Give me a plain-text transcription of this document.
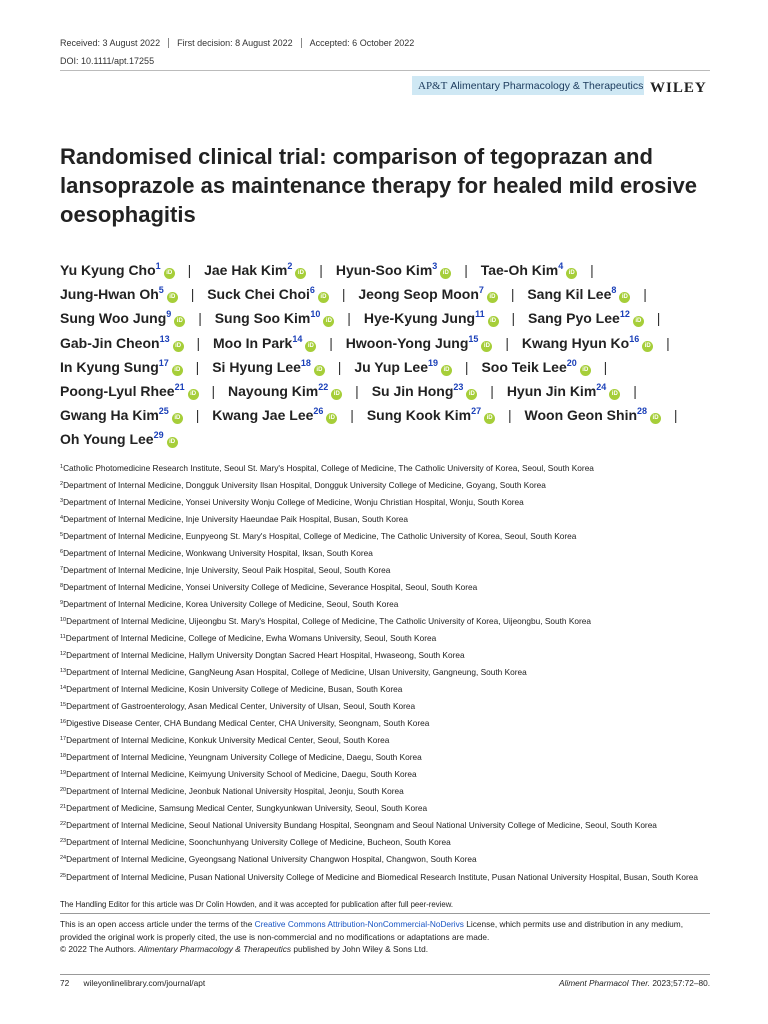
Received: 3 August 2022	First decision: 8 August 2022	Accepted: 6 October 2022
DOI: 10.1111/apt.17255
AP&T Alimentary Pharmacology & Therapeutics WILEY
Randomised clinical trial: comparison of tegoprazan and lansoprazole as maintenance therapy for healed mild erosive oesophagitis
Yu Kyung Cho$^1$iD | Jae Hak Kim$^2$iD | Hyun-Soo Kim$^3$iD | Tae-Oh Kim$^4$iD | Jung-Hwan Oh$^5$iD | Suck Chei Choi$^6$iD | Jeong Seop Moon$^7$iD | Sang Kil Lee$^8$iD | Sung Woo Jung$^9$iD | Sung Soo Kim$^{10}$iD | Hye-Kyung Jung$^{11}$iD | Sang Pyo Lee$^{12}$iD | Gab-Jin Cheon$^{13}$iD | Moo In Park$^{14}$iD | Hwoon-Yong Jung$^{15}$iD | Kwang Hyun Ko$^{16}$iD | In Kyung Sung$^{17}$iD | Si Hyung Lee$^{18}$iD | Ju Yup Lee$^{19}$iD | Soo Teik Lee$^{20}$iD | Poong-Lyul Rhee$^{21}$iD | Nayoung Kim$^{22}$iD | Su Jin Hong$^{23}$iD | Hyun Jin Kim$^{24}$iD | Gwang Ha Kim$^{25}$iD | Kwang Jae Lee$^{26}$iD | Sung Kook Kim$^{27}$iD | Woon Geon Shin$^{28}$iD | Oh Young Lee$^{29}$iD
$^1$Catholic Photomedicine Research Institute, Seoul St. Mary's Hospital, College of Medicine, The Catholic University of Korea, Seoul, South Korea
$^2$Department of Internal Medicine, Dongguk University Ilsan Hospital, Dongguk University College of Medicine, Goyang, South Korea
$^3$Department of Internal Medicine, Yonsei University Wonju College of Medicine, Wonju Christian Hospital, Wonju, South Korea
$^4$Department of Internal Medicine, Inje University Haeundae Paik Hospital, Busan, South Korea
$^5$Department of Internal Medicine, Eunpyeong St. Mary's Hospital, College of Medicine, The Catholic University of Korea, Seoul, South Korea
$^6$Department of Internal Medicine, Wonkwang University Hospital, Iksan, South Korea
$^7$Department of Internal Medicine, Inje University, Seoul Paik Hospital, Seoul, South Korea
$^8$Department of Internal Medicine, Yonsei University College of Medicine, Severance Hospital, Seoul, South Korea
$^9$Department of Internal Medicine, Korea University College of Medicine, Seoul, South Korea
$^{10}$Department of Internal Medicine, Uijeongbu St. Mary's Hospital, College of Medicine, The Catholic University of Korea, Uijeongbu, South Korea
$^{11}$Department of Internal Medicine, College of Medicine, Ewha Womans University, Seoul, South Korea
$^{12}$Department of Internal Medicine, Hallym University Dongtan Sacred Heart Hospital, Hwaseong, South Korea
$^{13}$Department of Internal Medicine, GangNeung Asan Hospital, College of Medicine, Ulsan University, Gangneung, South Korea
$^{14}$Department of Internal Medicine, Kosin University College of Medicine, Busan, South Korea
$^{15}$Department of Gastroenterology, Asan Medical Center, University of Ulsan, Seoul, South Korea
$^{16}$Digestive Disease Center, CHA Bundang Medical Center, CHA University, Seongnam, South Korea
$^{17}$Department of Internal Medicine, Konkuk University Medical Center, Seoul, South Korea
$^{18}$Department of Internal Medicine, Yeungnam University College of Medicine, Daegu, South Korea
$^{19}$Department of Internal Medicine, Keimyung University School of Medicine, Daegu, South Korea
$^{20}$Department of Internal Medicine, Jeonbuk National University Hospital, Jeonju, South Korea
$^{21}$Department of Medicine, Samsung Medical Center, Sungkyunkwan University, Seoul, South Korea
$^{22}$Department of Internal Medicine, Seoul National University Bundang Hospital, Seongnam and Seoul National University College of Medicine, Seoul, South Korea
$^{23}$Department of Internal Medicine, Soonchunhyang University College of Medicine, Bucheon, South Korea
$^{24}$Department of Internal Medicine, Gyeongsang National University Changwon Hospital, Changwon, South Korea
$^{25}$Department of Internal Medicine, Pusan National University College of Medicine and Biomedical Research Institute, Pusan National University Hospital, Busan, South Korea
The Handling Editor for this article was Dr Colin Howden, and it was accepted for publication after full peer-review.
This is an open access article under the terms of the Creative Commons Attribution-NonCommercial-NoDerivs License, which permits use and distribution in any medium, provided the original work is properly cited, the use is non-commercial and no modifications or adaptations are made.
© 2022 The Authors. Alimentary Pharmacology & Therapeutics published by John Wiley & Sons Ltd.
72 wileyonlinelibrary.com/journal/apt	Aliment Pharmacol Ther. 2023;57:72–80.
